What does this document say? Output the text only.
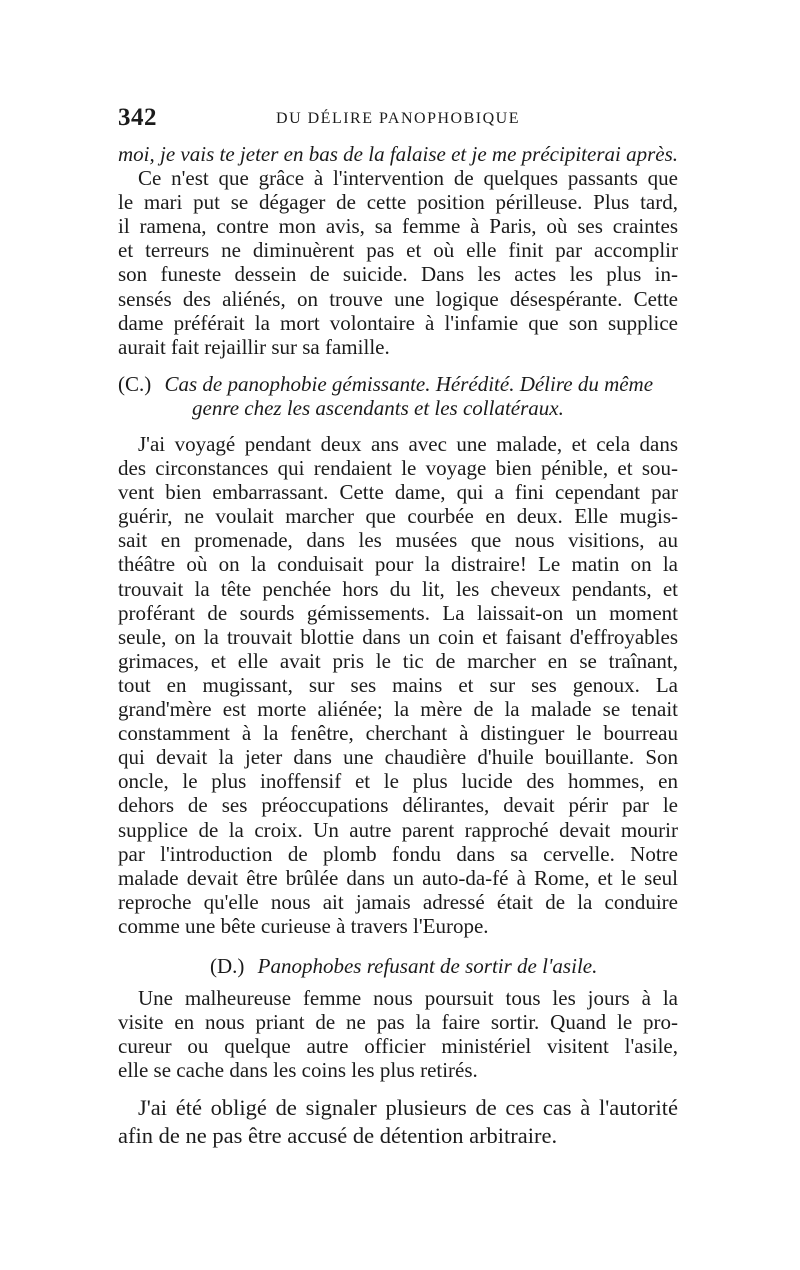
342	DU DÉLIRE PANOPHOBIQUE
moi, je vais te jeter en bas de la falaise et je me précipiterai après.
Ce n'est que grâce à l'intervention de quelques passants que
le mari put se dégager de cette position périlleuse. Plus tard,
il ramena, contre mon avis, sa femme à Paris, où ses craintes
et terreurs ne diminuèrent pas et où elle finit par accomplir
son funeste dessein de suicide. Dans les actes les plus in-
sensés des aliénés, on trouve une logique désespérante. Cette
dame préférait la mort volontaire à l'infamie que son supplice
aurait fait rejaillir sur sa famille.
(C.) Cas de panophobie gémissante. Hérédité. Délire du même
genre chez les ascendants et les collatéraux.
J'ai voyagé pendant deux ans avec une malade, et cela dans
des circonstances qui rendaient le voyage bien pénible, et sou-
vent bien embarrassant. Cette dame, qui a fini cependant par
guérir, ne voulait marcher que courbée en deux. Elle mugis-
sait en promenade, dans les musées que nous visitions, au
théâtre où on la conduisait pour la distraire! Le matin on la
trouvait la tête penchée hors du lit, les cheveux pendants, et
proférant de sourds gémissements. La laissait-on un moment
seule, on la trouvait blottie dans un coin et faisant d'effroyables
grimaces, et elle avait pris le tic de marcher en se traînant,
tout en mugissant, sur ses mains et sur ses genoux. La
grand'mère est morte aliénée; la mère de la malade se tenait
constamment à la fenêtre, cherchant à distinguer le bourreau
qui devait la jeter dans une chaudière d'huile bouillante. Son
oncle, le plus inoffensif et le plus lucide des hommes, en
dehors de ses préoccupations délirantes, devait périr par le
supplice de la croix. Un autre parent rapproché devait mourir
par l'introduction de plomb fondu dans sa cervelle. Notre
malade devait être brûlée dans un auto-da-fé à Rome, et le seul
reproche qu'elle nous ait jamais adressé était de la conduire
comme une bête curieuse à travers l'Europe.
(D.) Panophobes refusant de sortir de l'asile.
Une malheureuse femme nous poursuit tous les jours à la
visite en nous priant de ne pas la faire sortir. Quand le pro-
cureur ou quelque autre officier ministériel visitent l'asile,
elle se cache dans les coins les plus retirés.
J'ai été obligé de signaler plusieurs de ces cas à l'autorité
afin de ne pas être accusé de détention arbitraire.
